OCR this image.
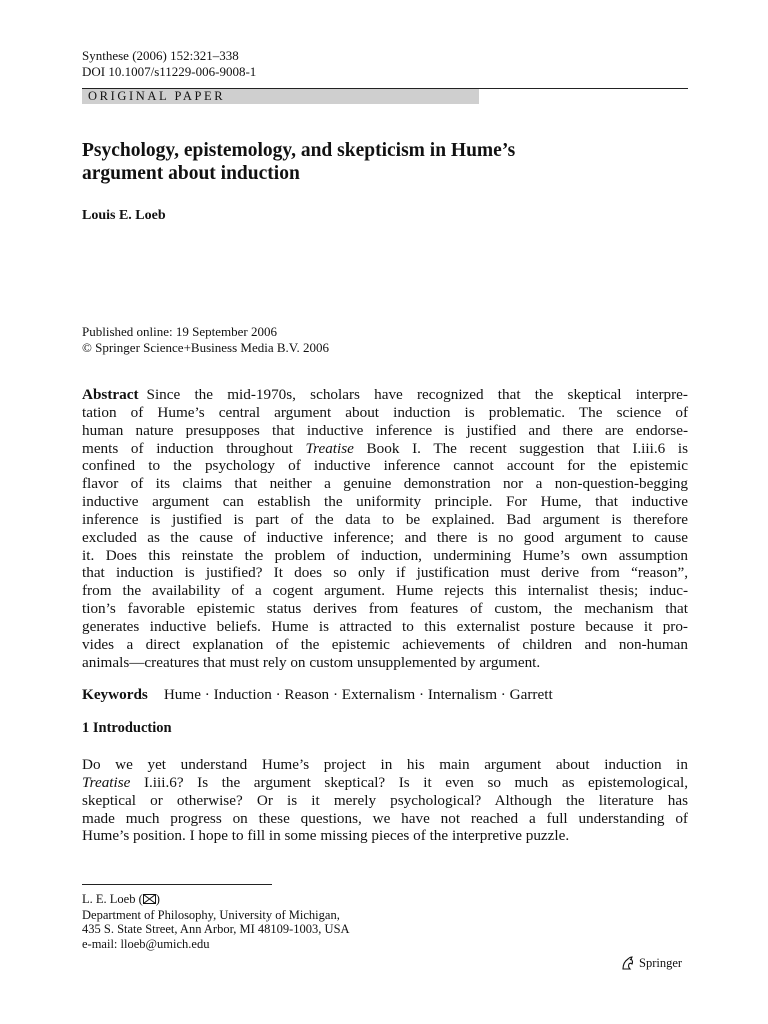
Synthese (2006) 152:321–338
DOI 10.1007/s11229-006-9008-1
ORIGINAL PAPER
Psychology, epistemology, and skepticism in Hume’s
argument about induction
Louis E. Loeb
Published online: 19 September 2006
© Springer Science+Business Media B.V. 2006
Abstract Since the mid-1970s, scholars have recognized that the skeptical interpre-
tation of Hume’s central argument about induction is problematic. The science of
human nature presupposes that inductive inference is justified and there are endorse-
ments of induction throughout Treatise Book I. The recent suggestion that I.iii.6 is
confined to the psychology of inductive inference cannot account for the epistemic
flavor of its claims that neither a genuine demonstration nor a non-question-begging
inductive argument can establish the uniformity principle. For Hume, that inductive
inference is justified is part of the data to be explained. Bad argument is therefore
excluded as the cause of inductive inference; and there is no good argument to cause
it. Does this reinstate the problem of induction, undermining Hume’s own assumption
that induction is justified? It does so only if justification must derive from “reason”,
from the availability of a cogent argument. Hume rejects this internalist thesis; induc-
tion’s favorable epistemic status derives from features of custom, the mechanism that
generates inductive beliefs. Hume is attracted to this externalist posture because it pro-
vides a direct explanation of the epistemic achievements of children and non-human
animals—creatures that must rely on custom unsupplemented by argument.
Keywords Hume · Induction · Reason · Externalism · Internalism · Garrett
1 Introduction
Do we yet understand Hume’s project in his main argument about induction in
Treatise I.iii.6? Is the argument skeptical? Is it even so much as epistemological,
skeptical or otherwise? Or is it merely psychological? Although the literature has
made much progress on these questions, we have not reached a full understanding of
Hume’s position. I hope to fill in some missing pieces of the interpretive puzzle.
L. E. Loeb ( )
Department of Philosophy, University of Michigan,
435 S. State Street, Ann Arbor, MI 48109-1003, USA
e-mail: lloeb@umich.edu
Springer
